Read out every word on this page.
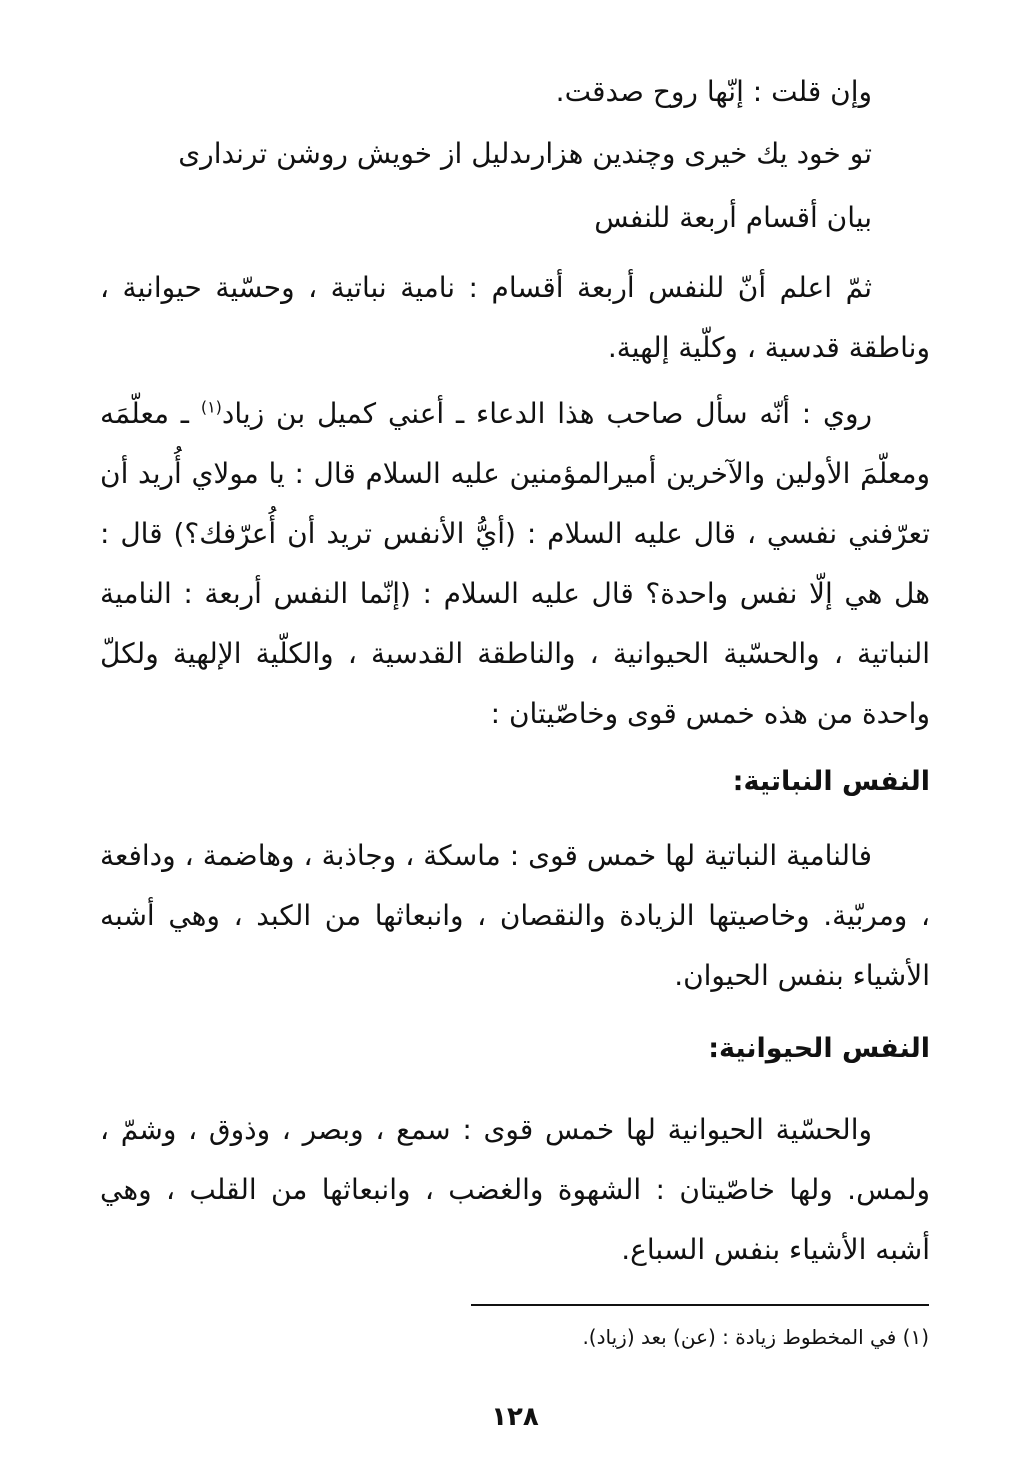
وإن قلت : إنّها روح صدقت.

تو خود يك خيرى وچندين هزارىدليل از خويش روشن ترندارى

بيان أقسام أربعة للنفس

ثمّ اعلم أنّ للنفس أربعة أقسام : نامية نباتية ، وحسّية حيوانية ، وناطقة قدسية ، وكلّية إلهية.

روي : أنّه سأل صاحب هذا الدعاء ـ أعني كميل بن زياد$^{(١)}$ ـ معلّمَه ومعلّمَ الأولين والآخرين أميرالمؤمنين عليه السلام قال : يا مولاي أُريد أن تعرّفني نفسي ، قال عليه السلام : (أيُّ الأنفس تريد أن أُعرّفك؟) قال : هل هي إلّا نفس واحدة؟ قال عليه السلام : (إنّما النفس أربعة : النامية النباتية ، والحسّية الحيوانية ، والناطقة القدسية ، والكلّية الإلهية ولكلّ واحدة من هذه خمس قوى وخاصّيتان :

النفس النباتية:

فالنامية النباتية لها خمس قوى : ماسكة ، وجاذبة ، وهاضمة ، ودافعة ، ومربّية. وخاصيتها الزيادة والنقصان ، وانبعاثها من الكبد ، وهي أشبه الأشياء بنفس الحيوان.

النفس الحيوانية:

والحسّية الحيوانية لها خمس قوى : سمع ، وبصر ، وذوق ، وشمّ ، ولمس. ولها خاصّيتان : الشهوة والغضب ، وانبعاثها من القلب ، وهي أشبه الأشياء بنفس السباع.

(١) في المخطوط زيادة : (عن) بعد (زياد).

١٢٨
